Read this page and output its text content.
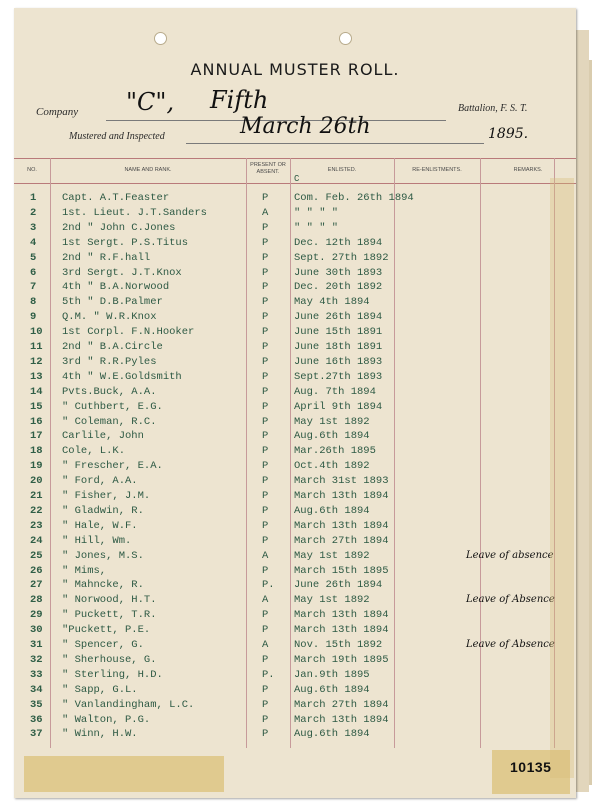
ANNUAL MUSTER ROLL.
Company "C", Fifth	Battalion, F. S. T.
Mustered and Inspected	March 26th	1895.
NO.	NAME AND RANK.
PRESENT OR ABSENT.	ENLISTED.	RE-ENLISTMENTS.	REMARKS.
C
1 Capt. A.T.Feaster	P Com. Feb. 26th 1894
2 1st. Lieut. J.T.Sanders	A " " " "
3 2nd " John C.Jones	P " " " "
4 1st Sergt. P.S.Titus	P Dec. 12th 1894
5 2nd " R.F.hall	P Sept. 27th 1892
6 3rd Sergt. J.T.Knox	P June 30th 1893
7 4th " B.A.Norwood	P Dec. 20th 1892
8 5th " D.B.Palmer	P May 4th 1894
9 Q.M. " W.R.Knox	P June 26th 1894
10 1st Corpl. F.N.Hooker	P June 15th 1891
11 2nd " B.A.Circle	P June 18th 1891
12 3rd " R.R.Pyles	P June 16th 1893
13 4th " W.E.Goldsmith	P Sept.27th 1893
14 Pvts.Buck, A.A.	P Aug. 7th 1894
15 " Cuthbert, E.G.	P April 9th 1894
16 " Coleman, R.C.	P May 1st 1892
17 Carlile, John	P Aug.6th 1894
18 Cole, L.K.	P Mar.26th 1895
19 " Frescher, E.A.	P Oct.4th 1892
20 " Ford, A.A.	P March 31st 1893
21 " Fisher, J.M.	P March 13th 1894
22 " Gladwin, R.	P Aug.6th 1894
23 " Hale, W.F.	P March 13th 1894
24 " Hill, Wm.	P March 27th 1894
25 " Jones, M.S.	A May 1st 1892	Leave of absence
26 " Mims,	P March 15th 1895
27 " Mahncke, R.	P. June 26th 1894
28 " Norwood, H.T.	A May 1st 1892	Leave of Absence
29 " Puckett, T.R.	P March 13th 1894
30 "Puckett, P.E.	P March 13th 1894
31 " Spencer, G.	A Nov. 15th 1892	Leave of Absence
32 " Sherhouse, G.	P March 19th 1895
33 " Sterling, H.D.	P. Jan.9th 1895
34 " Sapp, G.L.	P Aug.6th 1894
35 " Vanlandingham, L.C.	P March 27th 1894
36 " Walton, P.G.	P March 13th 1894
37 " Winn, H.W.	P Aug.6th 1894
10135
